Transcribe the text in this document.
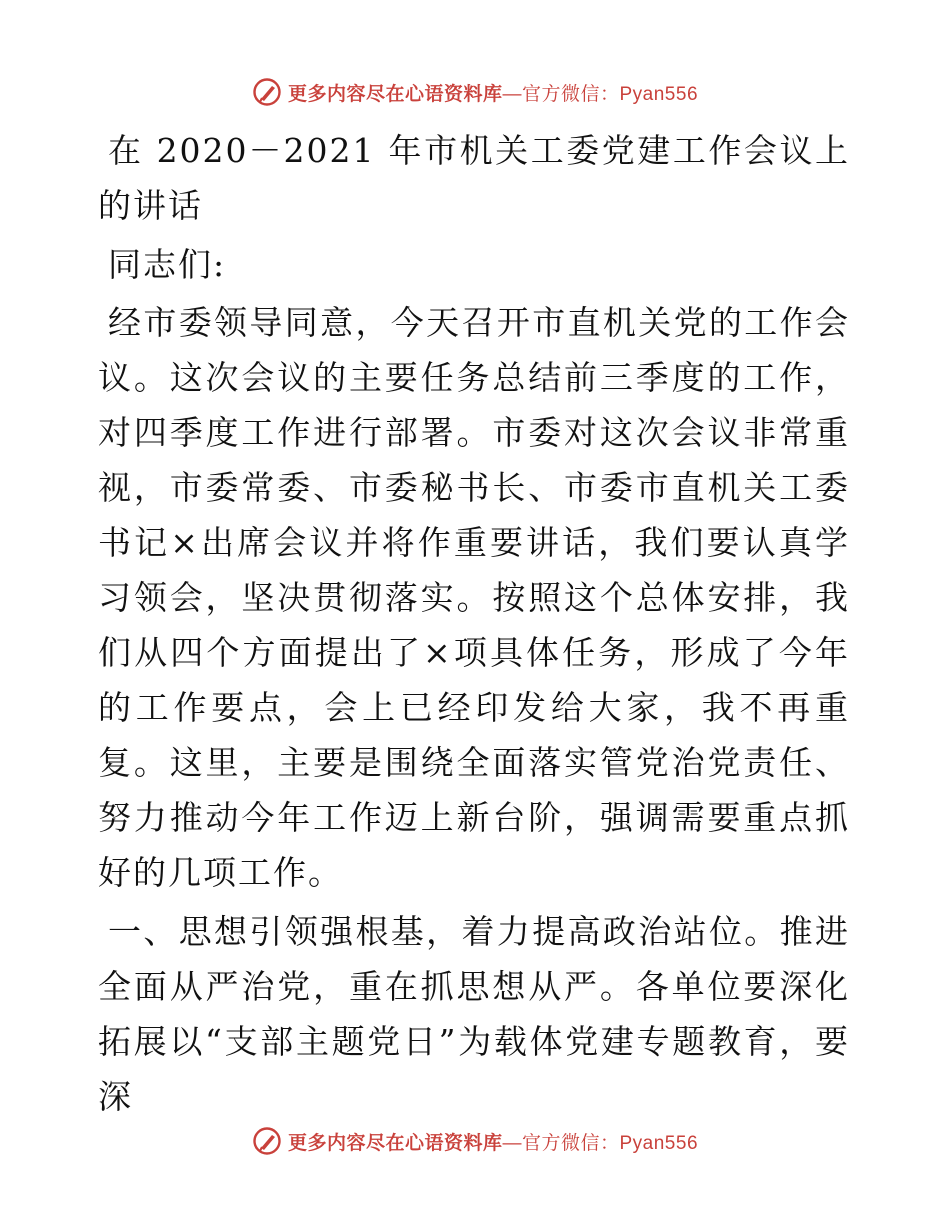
更多内容尽在心语资料库—官方微信：Pyan556

在 2020－2021 年市机关工委党建工作会议上的讲话

同志们:

经市委领导同意，今天召开市直机关党的工作会议。这次会议的主要任务总结前三季度的工作，对四季度工作进行部署。市委对这次会议非常重视，市委常委、市委秘书长、市委市直机关工委书记×出席会议并将作重要讲话，我们要认真学习领会，坚决贯彻落实。按照这个总体安排，我们从四个方面提出了×项具体任务，形成了今年的工作要点，会上已经印发给大家，我不再重复。这里，主要是围绕全面落实管党治党责任、努力推动今年工作迈上新台阶，强调需要重点抓好的几项工作。

一、思想引领强根基，着力提高政治站位。推进全面从严治党，重在抓思想从严。各单位要深化拓展以“支部主题党日”为载体党建专题教育，要深

更多内容尽在心语资料库—官方微信：Pyan556
